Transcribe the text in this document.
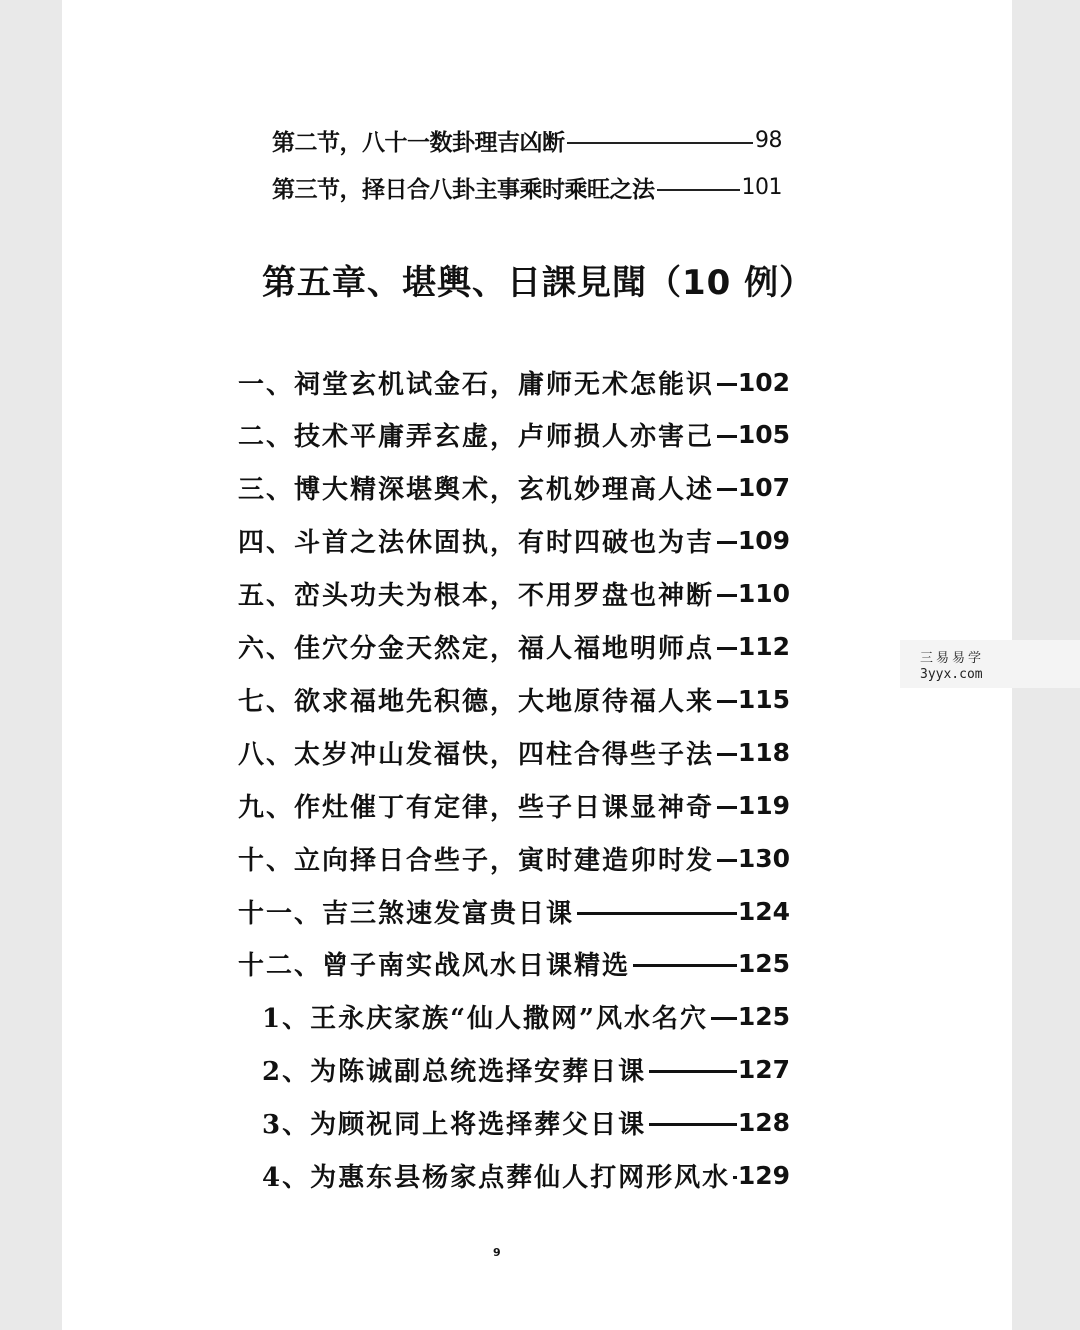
第二节，八十一数卦理吉凶断	98
第三节，择日合八卦主事乘时乘旺之法	101
第五章、堪輿、日課見聞（10 例）
一、祠堂玄机试金石，庸师无术怎能识 102
二、技术平庸弄玄虚，卢师损人亦害己 105
三、博大精深堪舆术，玄机妙理高人述 107
四、斗首之法休固执，有时四破也为吉 109
五、峦头功夫为根本，不用罗盘也神断 110
六、佳穴分金天然定，福人福地明师点 112
七、欲求福地先积德，大地原待福人来 115
八、太岁冲山发福快，四柱合得些子法 118
九、作灶催丁有定律，些子日课显神奇 119
十、立向择日合些子，寅时建造卯时发 130
十一、吉三煞速发富贵日课	124
十二、曾子南实战风水日课精选	125
1、王永庆家族“仙人撒网”风水名穴 125
2、为陈诚副总统选择安葬日课	127
3、为顾祝同上将选择葬父日课	128
4、为惠东县杨家点葬仙人打网形风水 129
9
三易易学
3yyx.com
